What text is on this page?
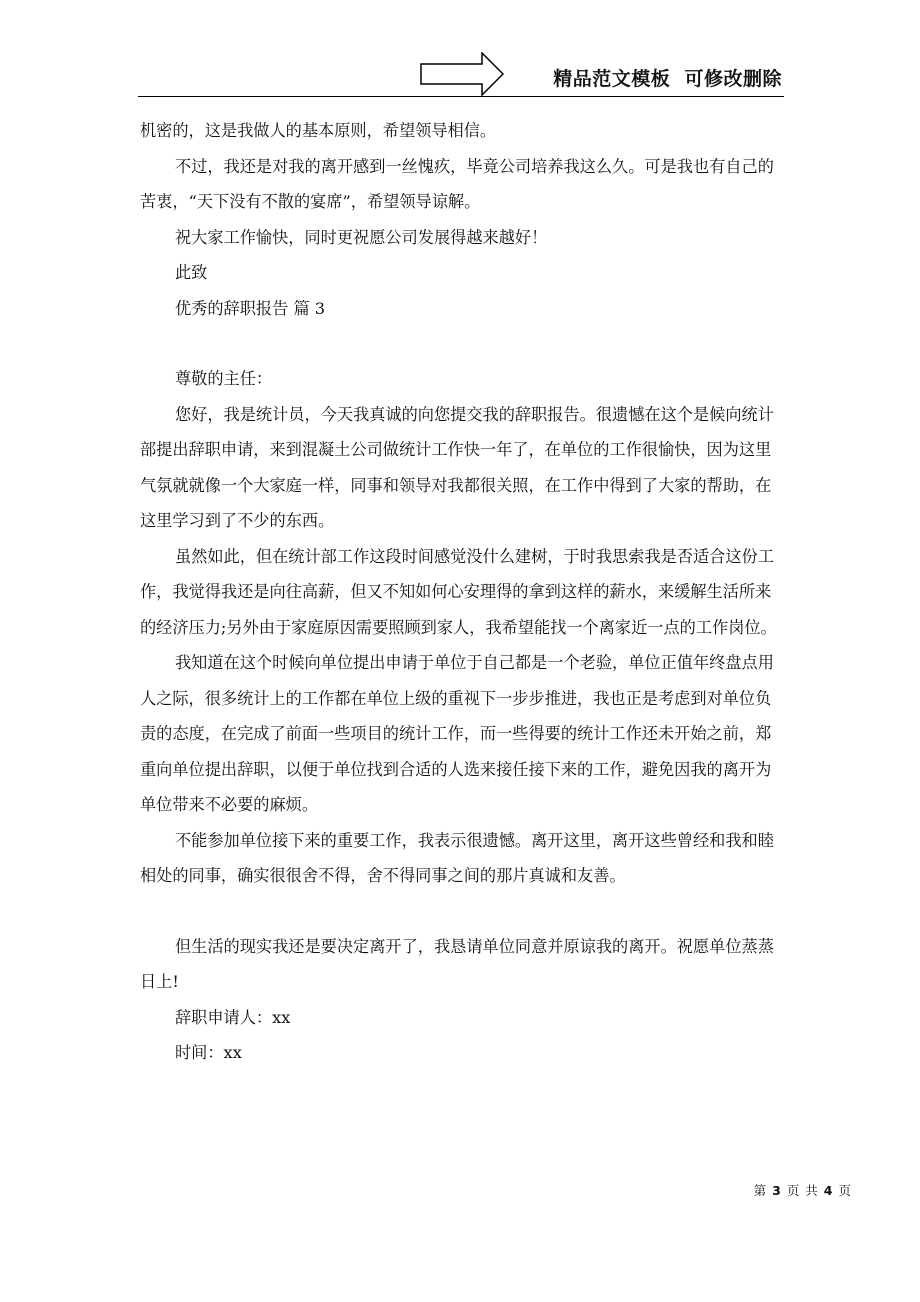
精品范文模板  可修改删除

机密的，这是我做人的基本原则，希望领导相信。

不过，我还是对我的离开感到一丝愧疚，毕竟公司培养我这么久。可是我也有自己的苦衷，“天下没有不散的宴席”，希望领导谅解。

祝大家工作愉快，同时更祝愿公司发展得越来越好！

此致

优秀的辞职报告 篇 3

尊敬的主任：

您好，我是统计员，今天我真诚的向您提交我的辞职报告。很遗憾在这个是候向统计部提出辞职申请，来到混凝土公司做统计工作快一年了，在单位的工作很愉快，因为这里气氛就就像一个大家庭一样，同事和领导对我都很关照，在工作中得到了大家的帮助，在这里学习到了不少的东西。

虽然如此，但在统计部工作这段时间感觉没什么建树，于时我思索我是否适合这份工作，我觉得我还是向往高薪，但又不知如何心安理得的拿到这样的薪水，来缓解生活所来的经济压力;另外由于家庭原因需要照顾到家人，我希望能找一个离家近一点的工作岗位。

我知道在这个时候向单位提出申请于单位于自己都是一个老验，单位正值年终盘点用人之际，很多统计上的工作都在单位上级的重视下一步步推进，我也正是考虑到对单位负责的态度，在完成了前面一些项目的统计工作，而一些得要的统计工作还未开始之前，郑重向单位提出辞职，以便于单位找到合适的人选来接任接下来的工作，避免因我的离开为单位带来不必要的麻烦。

不能参加单位接下来的重要工作，我表示很遗憾。离开这里，离开这些曾经和我和睦相处的同事，确实很很舍不得，舍不得同事之间的那片真诚和友善。

但生活的现实我还是要决定离开了，我恳请单位同意并原谅我的离开。祝愿单位蒸蒸日上!

辞职申请人：xx

时间：xx

第 3 页 共 4 页
